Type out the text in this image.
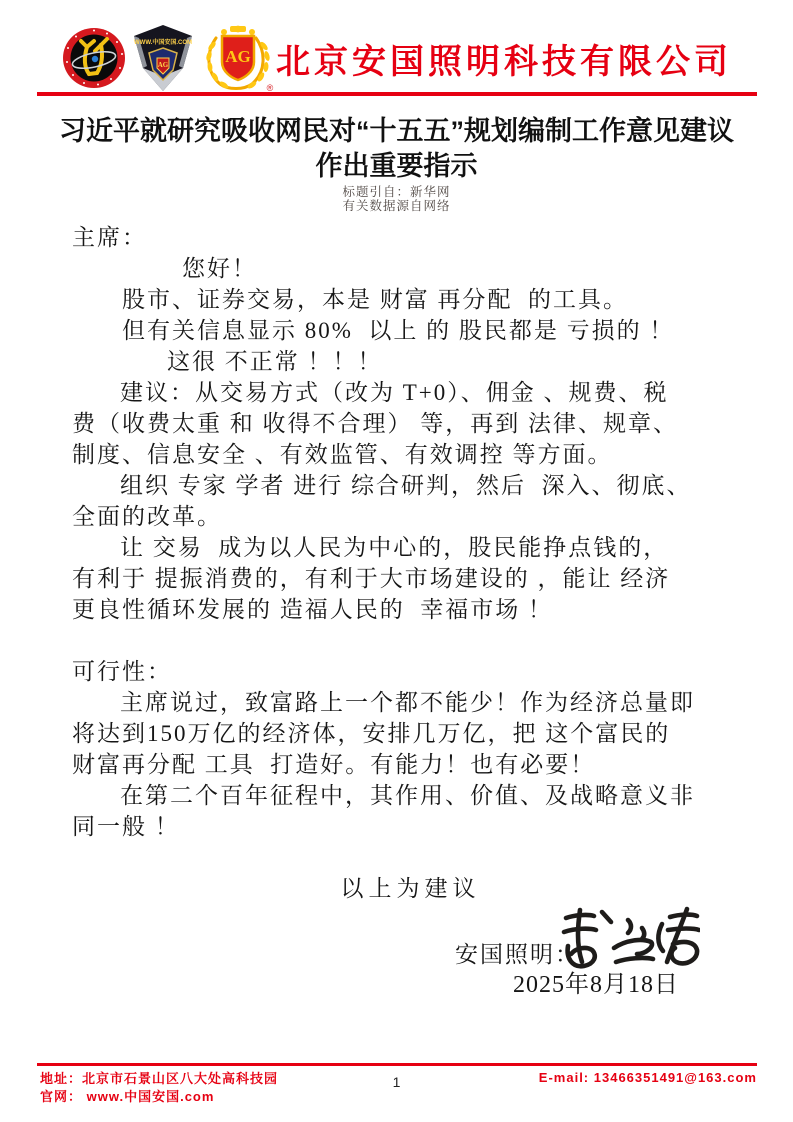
WWW.中国安国.COM
AG	AG
®
北京安国照明科技有限公司
习近平就研究吸收网民对“十五五”规划编制工作意见建议
作出重要指示
标题引自：新华网
有关数据源自网络
主席：
您好！
股市、证券交易，本是 财富 再分配  的工具。
但有关信息显示 80%  以上 的 股民都是 亏损的 ！
这很 不正常 ！！！
建议：从交易方式（改为 T+0）、佣金 、规费、税
费（收费太重 和 收得不合理） 等，再到 法律、规章、
制度、信息安全 、有效监管、有效调控 等方面。
组织 专家 学者 进行 综合研判，然后  深入、彻底、
全面的改革。
让 交易  成为以人民为中心的，股民能挣点钱的，
有利于 提振消费的，有利于大市场建设的 ，能让 经济
更良性循环发展的 造福人民的  幸福市场 ！
可行性：
主席说过，致富路上一个都不能少！作为经济总量即
将达到150万亿的经济体，安排几万亿，把 这个富民的
财富再分配 工具  打造好。有能力！也有必要！
在第二个百年征程中，其作用、价值、及战略意义非
同一般 ！
以上为建议
安国照明：
2025年8月18日
地址：北京市石景山区八大处高科技园
官网： www.中国安国.com
1	E-mail: 13466351491@163.com
